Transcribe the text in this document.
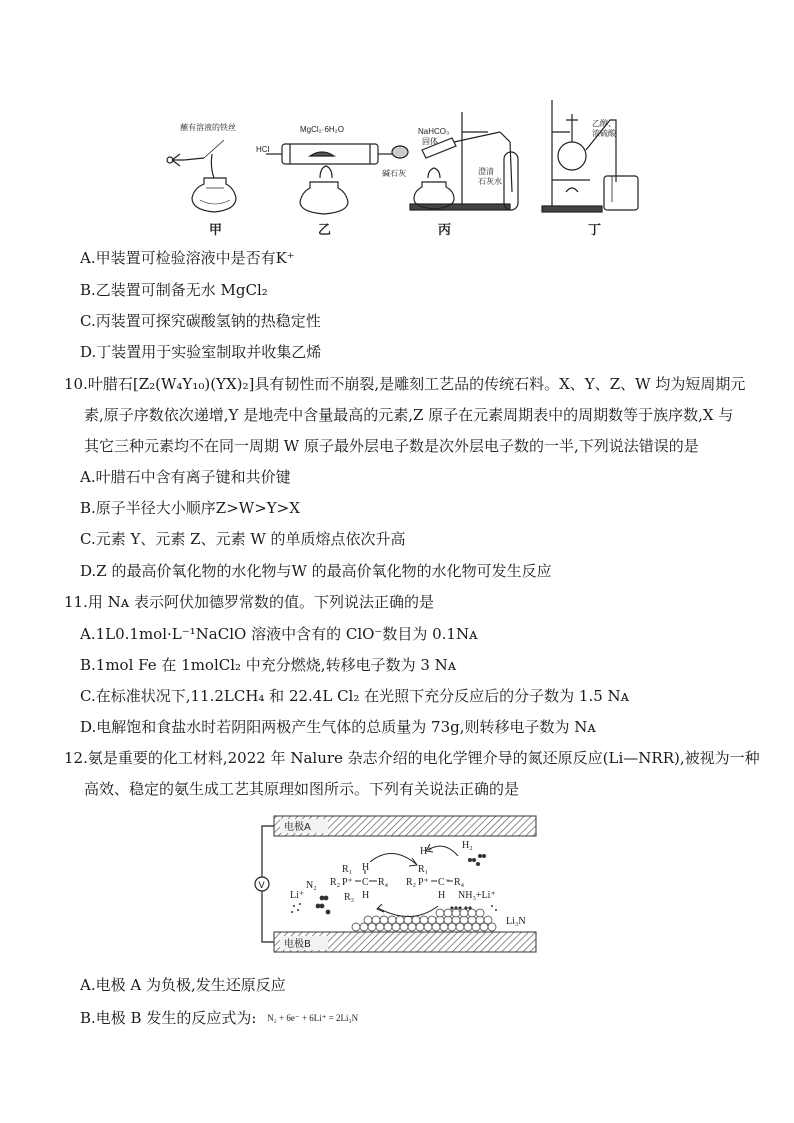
蘸有溶液的铁丝
甲
HCl
MgCl₂·6H₂O
碱石灰
乙
NaHCO₃
固体
澄清
石灰水
丙
乙醇、
浓硫酸
丁
A.甲装置可检验溶液中是否有K⁺
B.乙装置可制备无水 MgCl₂
C.丙装置可探究碳酸氢钠的热稳定性
D.丁装置用于实验室制取并收集乙烯
10.叶腊石[Z₂(W₄Y₁₀)(YX)₂]具有韧性而不崩裂,是雕刻工艺品的传统石料。X、Y、Z、W 均为短周期元
素,原子序数依次递增,Y 是地壳中含量最高的元素,Z 原子在元素周期表中的周期数等于族序数,X 与
其它三种元素均不在同一周期 W 原子最外层电子数是次外层电子数的一半,下列说法错误的是
A.叶腊石中含有离子键和共价键
B.原子半径大小顺序Z>W>Y>X
C.元素 Y、元素 Z、元素 W 的单质熔点依次升高
D.Z 的最高价氧化物的水化物与W 的最高价氧化物的水化物可发生反应
11.用 Nᴀ 表示阿伏加德罗常数的值。下列说法正确的是
A.1L0.1mol·L⁻¹NaClO 溶液中含有的 ClO⁻数目为 0.1Nᴀ
B.1mol Fe 在 1molCl₂ 中充分燃烧,转移电子数为 3 Nᴀ
C.在标准状况下,11.2LCH₄ 和 22.4L Cl₂ 在光照下充分反应后的分子数为 1.5 Nᴀ
D.电解饱和食盐水时若阴阳两极产生气体的总质量为 73g,则转移电子数为 Nᴀ
12.氨是重要的化工材料,2022 年 Nalure 杂志介绍的电化学锂介导的氮还原反应(Li—NRR),被视为一种
高效、稳定的氨生成工艺其原理如图所示。下列有关说法正确的是
电极A
电极B
V
Li₃N
H⁺
H₂
R₁
R₂ P⁺ C R₄
H
R₃
H	R₁
R₂ P⁺ C⁻ R₄
H
Li⁺
N₂
NH₃+Li⁺
A.电极 A 为负极,发生还原反应
B.电极 B 发生的反应式为: N₂ + 6e⁻ + 6Li⁺ = 2Li₃N
